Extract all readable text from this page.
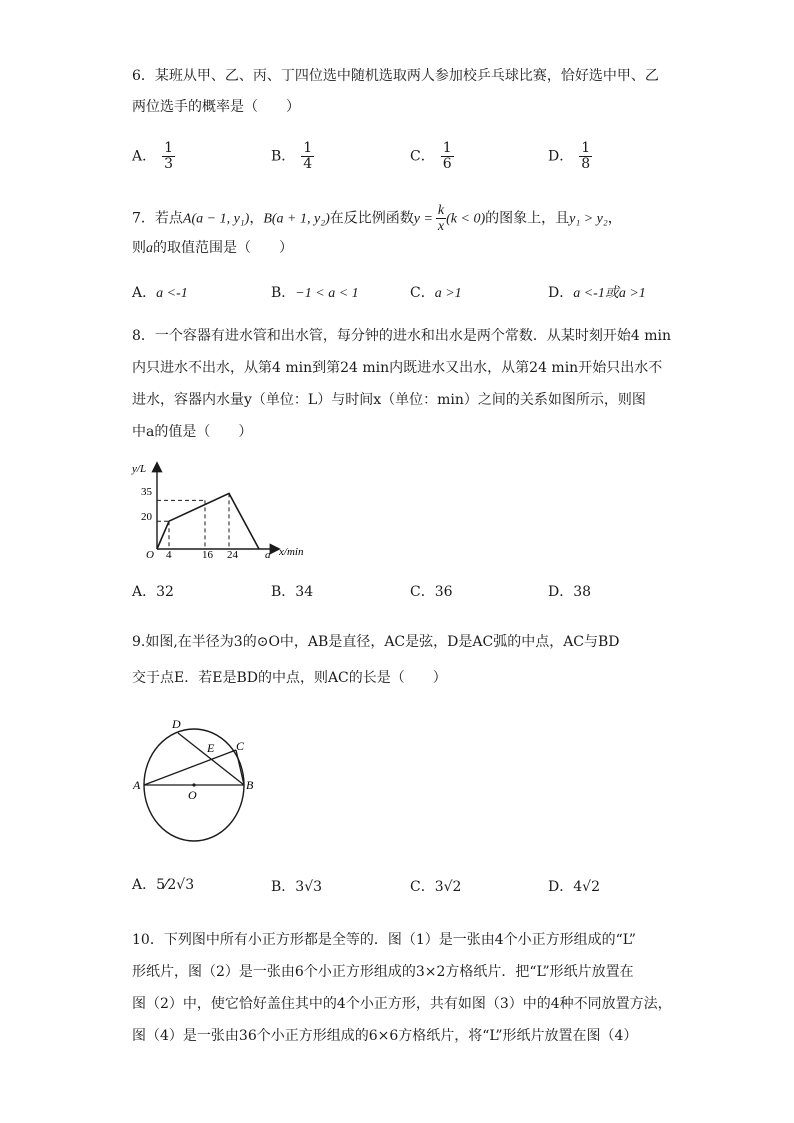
6．某班从甲、乙、丙、丁四位选中随机选取两人参加校乒乓球比赛，恰好选中甲、乙
两位选手的概率是（　　）
A． $\frac{1}{3}$	B． $\frac{1}{4}$	C． $\frac{1}{6}$	D． $\frac{1}{8}$
7．若点A(a − 1, y₁)，B(a + 1, y₂)在反比例函数$y = \frac{k}{x} (k < 0)$的图象上，且y₁ > y₂，
则a的取值范围是（　　）
A．a <-1	B．−1 < a < 1	C．a >1	D．a <-1或a >1
8．一个容器有进水管和出水管，每分钟的进水和出水是两个常数．从某时刻开始4 min
内只进水不出水，从第4 min到第24 min内既进水又出水，从第24 min开始只出水不
进水，容器内水量y（单位：L）与时间x（单位：min）之间的关系如图所示，则图
中a的值是（　　）
y/L
x/min
O
20
35
4	16 24 a
A．32	B．34	C．36	D．38
9.如图,在半径为3的⊙O中，AB是直径，AC是弦，D是AC弧的中点，AC与BD
交于点E．若E是BD的中点，则AC的长是（　　）
A	B
C
D
E
O
A．5⁄2√3	B．3√3	C．3√2	D．4√2
10．下列图中所有小正方形都是全等的．图（1）是一张由4个小正方形组成的“L”
形纸片，图（2）是一张由6个小正方形组成的3×2方格纸片．把“L”形纸片放置在
图（2）中，使它恰好盖住其中的4个小正方形，共有如图（3）中的4种不同放置方法，
图（4）是一张由36个小正方形组成的6×6方格纸片，将“L”形纸片放置在图（4）
